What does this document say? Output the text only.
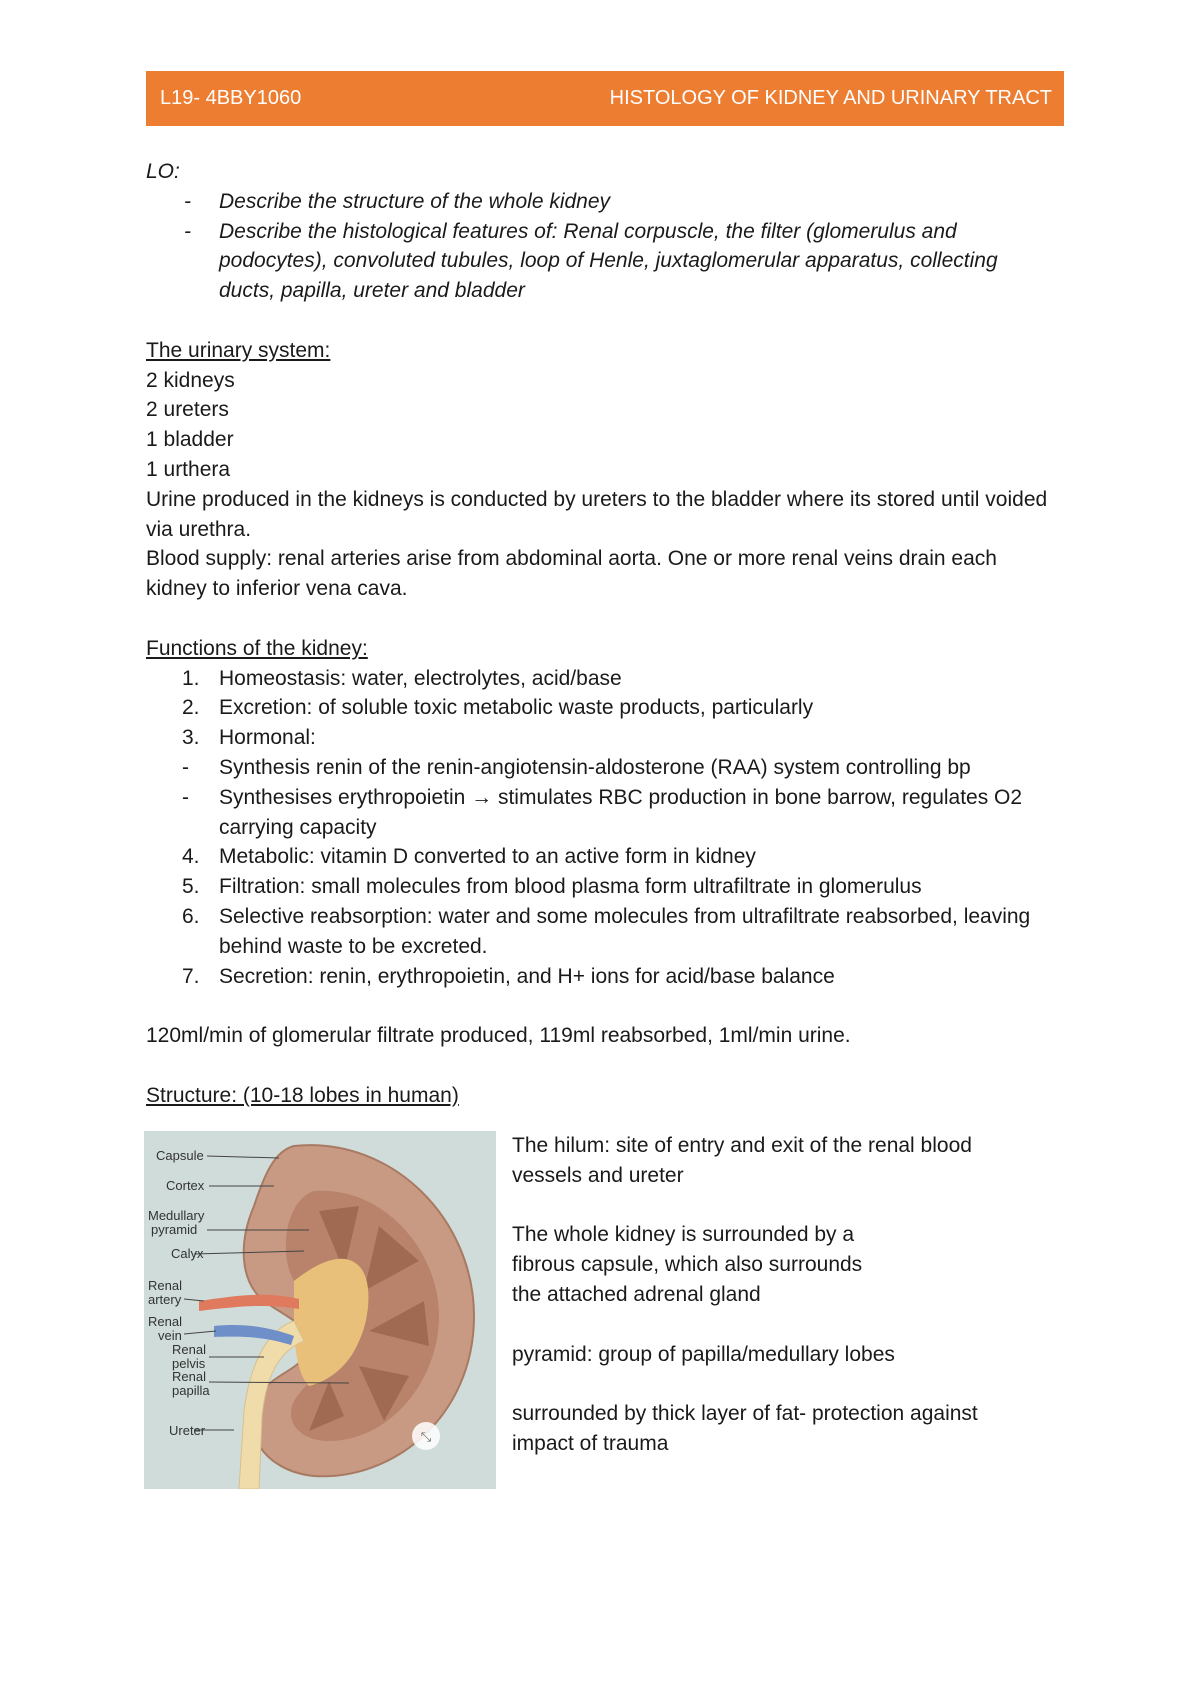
L19- 4BBY1060	HISTOLOGY OF KIDNEY AND URINARY TRACT

LO:

-	Describe the structure of the whole kidney
-	Describe the histological features of: Renal corpuscle, the filter (glomerulus and podocytes), convoluted tubules, loop of Henle, juxtaglomerular apparatus, collecting ducts, papilla, ureter and bladder

The urinary system:

2 kidneys

2 ureters

1 bladder

1 urthera

Urine produced in the kidneys is conducted by ureters to the bladder where its stored until voided via urethra.

Blood supply: renal arteries arise from abdominal aorta. One or more renal veins drain each kidney to inferior vena cava.

Functions of the kidney:

1. Homeostasis: water, electrolytes, acid/base
2. Excretion: of soluble toxic metabolic waste products, particularly
3. Hormonal:
-	Synthesis renin of the renin-angiotensin-aldosterone (RAA) system controlling bp
-	Synthesises erythropoietin → stimulates RBC production in bone barrow, regulates O2 carrying capacity
4. Metabolic: vitamin D converted to an active form in kidney
5. Filtration: small molecules from blood plasma form ultrafiltrate in glomerulus
6. Selective reabsorption: water and some molecules from ultrafiltrate reabsorbed, leaving behind waste to be excreted.
7. Secretion: renin, erythropoietin, and H+ ions for acid/base balance

120ml/min of glomerular filtrate produced, 119ml reabsorbed, 1ml/min urine.

Structure: (10-18 lobes in human)

⤡
Capsule
Cortex
Medullary
pyramid
Calyx
Renal
artery
Renal
vein
Renal
pelvis
Renal
papilla
Ureter

The hilum: site of entry and exit of the renal blood vessels and ureter

The whole kidney is surrounded by a fibrous capsule, which also surrounds the attached adrenal gland

pyramid: group of papilla/medullary lobes

surrounded by thick layer of fat- protection against impact of trauma
